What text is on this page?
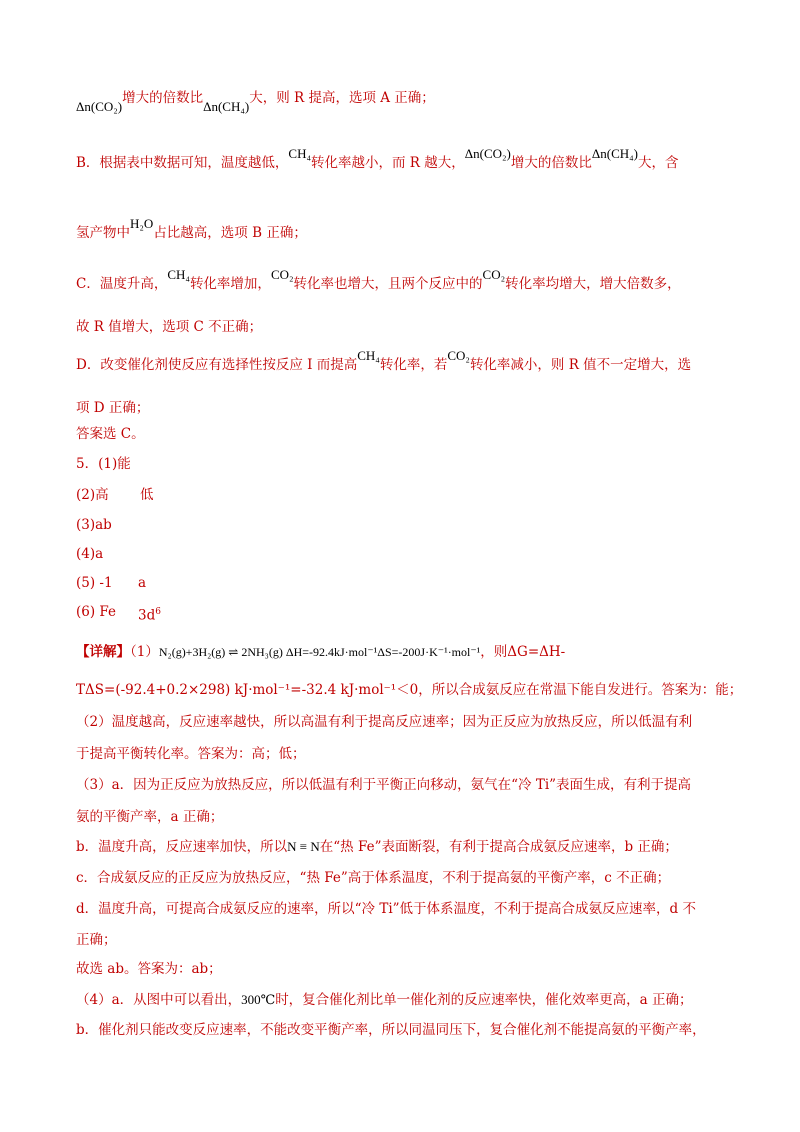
Δn(CO₂)增大的倍数比Δn(CH₄)大，则 R 提高，选项 A 正确；
B．根据表中数据可知，温度越低，CH₄转化率越小，而 R 越大，Δn(CO₂)增大的倍数比Δn(CH₄)大，含
氢产物中H₂O占比越高，选项 B 正确；
C．温度升高，CH₄转化率增加，CO₂转化率也增大，且两个反应中的CO₂转化率均增大，增大倍数多，
故 R 值增大，选项 C 不正确；
D．改变催化剂使反应有选择性按反应 I 而提高CH₄转化率，若CO₂转化率减小，则 R 值不一定增大，选
项 D 正确；
答案选 C。
5．(1)能
(2)高 低
(3)ab
(4)a
(5) -1 a
(6) Fe $3d^6$
【详解】（1）N₂(g)+3H₂(g) ⇌ 2NH₃(g) ΔH=-92.4kJ·mol⁻¹ΔS=-200J·K⁻¹·mol⁻¹，则ΔG=ΔH-
TΔS=(-92.4+0.2×298) kJ·mol⁻¹=-32.4 kJ·mol⁻¹＜0，所以合成氨反应在常温下能自发进行。答案为：能；
（2）温度越高，反应速率越快，所以高温有利于提高反应速率；因为正反应为放热反应，所以低温有利
于提高平衡转化率。答案为：高；低；
（3）a．因为正反应为放热反应，所以低温有利于平衡正向移动，氨气在“冷 Ti”表面生成，有利于提高
氨的平衡产率，a 正确；
b．温度升高，反应速率加快，所以N ≡ N在“热 Fe”表面断裂，有利于提高合成氨反应速率，b 正确；
c．合成氨反应的正反应为放热反应，“热 Fe”高于体系温度，不利于提高氨的平衡产率，c 不正确；
d．温度升高，可提高合成氨反应的速率，所以“冷 Ti”低于体系温度，不利于提高合成氨反应速率，d 不
正确；
故选 ab。答案为：ab；
（4）a．从图中可以看出，300℃时，复合催化剂比单一催化剂的反应速率快，催化效率更高，a 正确；
b．催化剂只能改变反应速率，不能改变平衡产率，所以同温同压下，复合催化剂不能提高氨的平衡产率，
